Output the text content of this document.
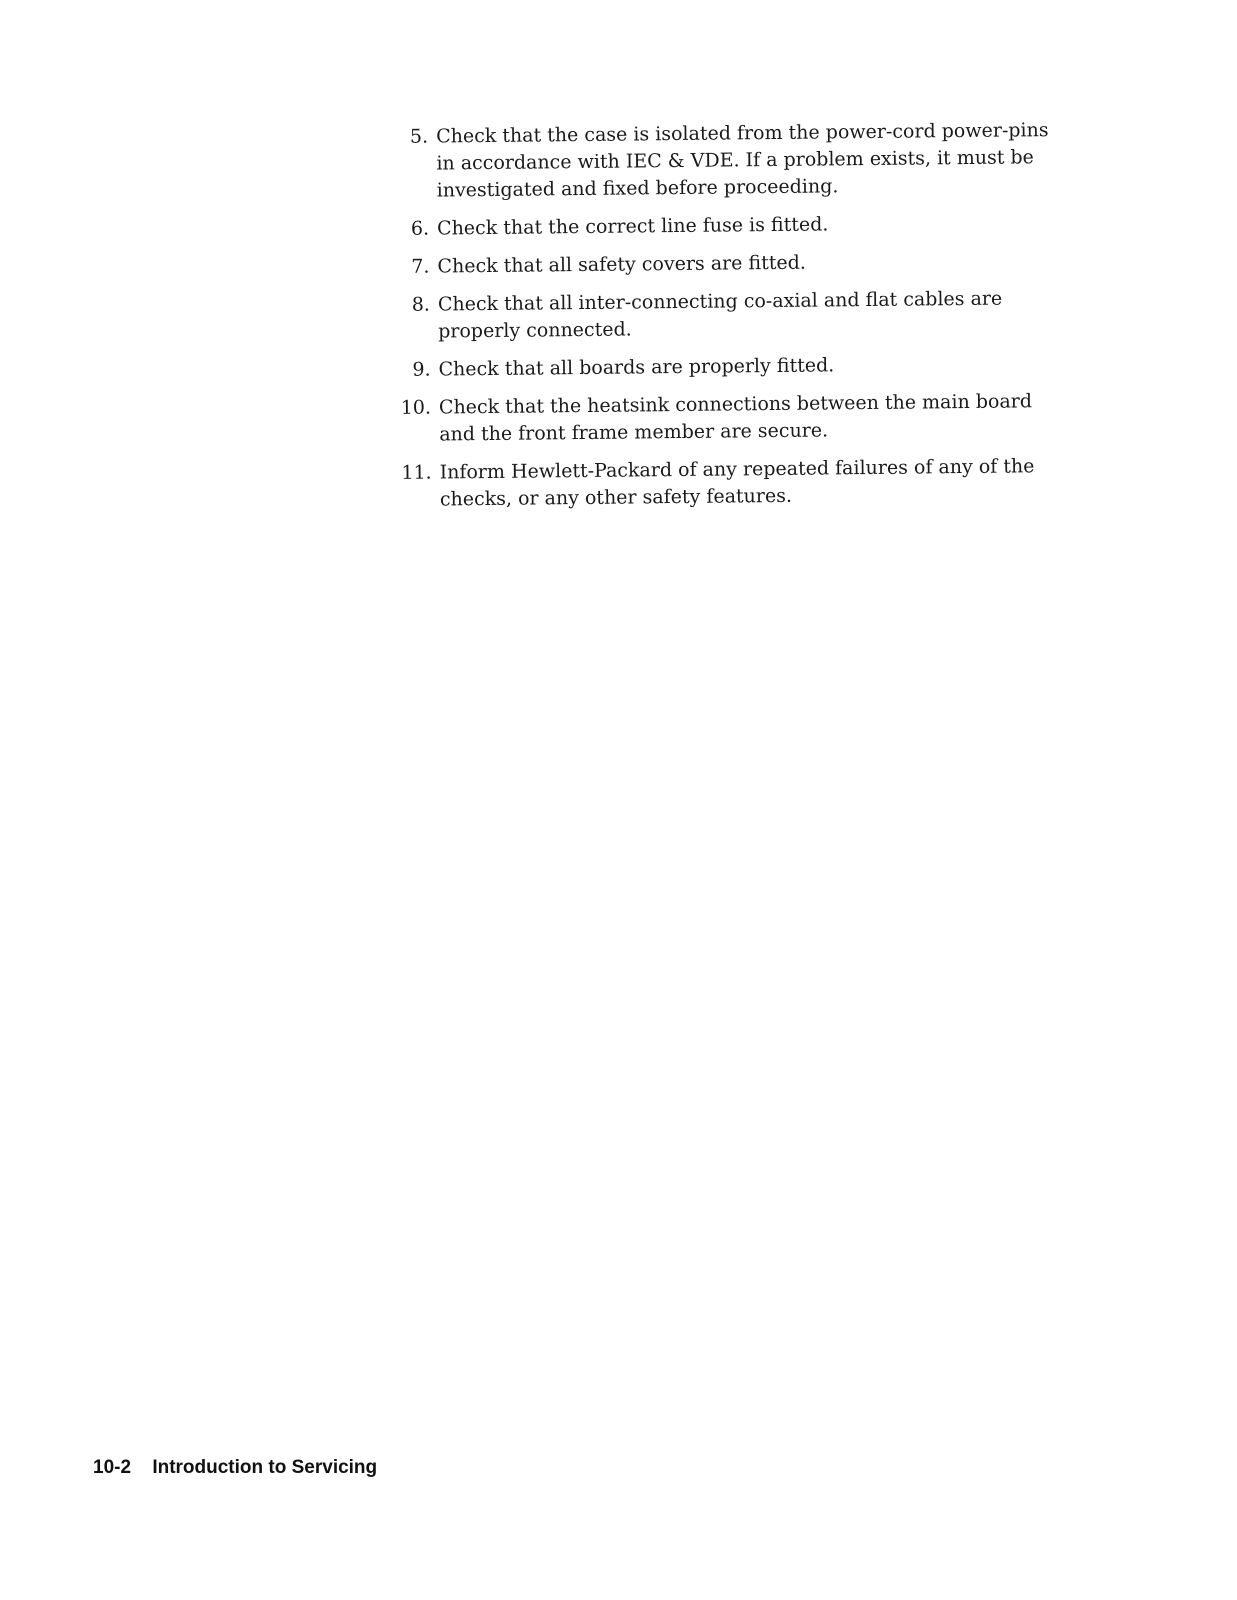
5. Check that the case is isolated from the power-cord power-pins in accordance with IEC & VDE. If a problem exists, it must be investigated and fixed before proceeding.
6. Check that the correct line fuse is fitted.
7. Check that all safety covers are fitted.
8. Check that all inter-connecting co-axial and flat cables are properly connected.
9. Check that all boards are properly fitted.
10. Check that the heatsink connections between the main board and the front frame member are secure.
11. Inform Hewlett-Packard of any repeated failures of any of the checks, or any other safety features.
10-2 Introduction to Servicing
